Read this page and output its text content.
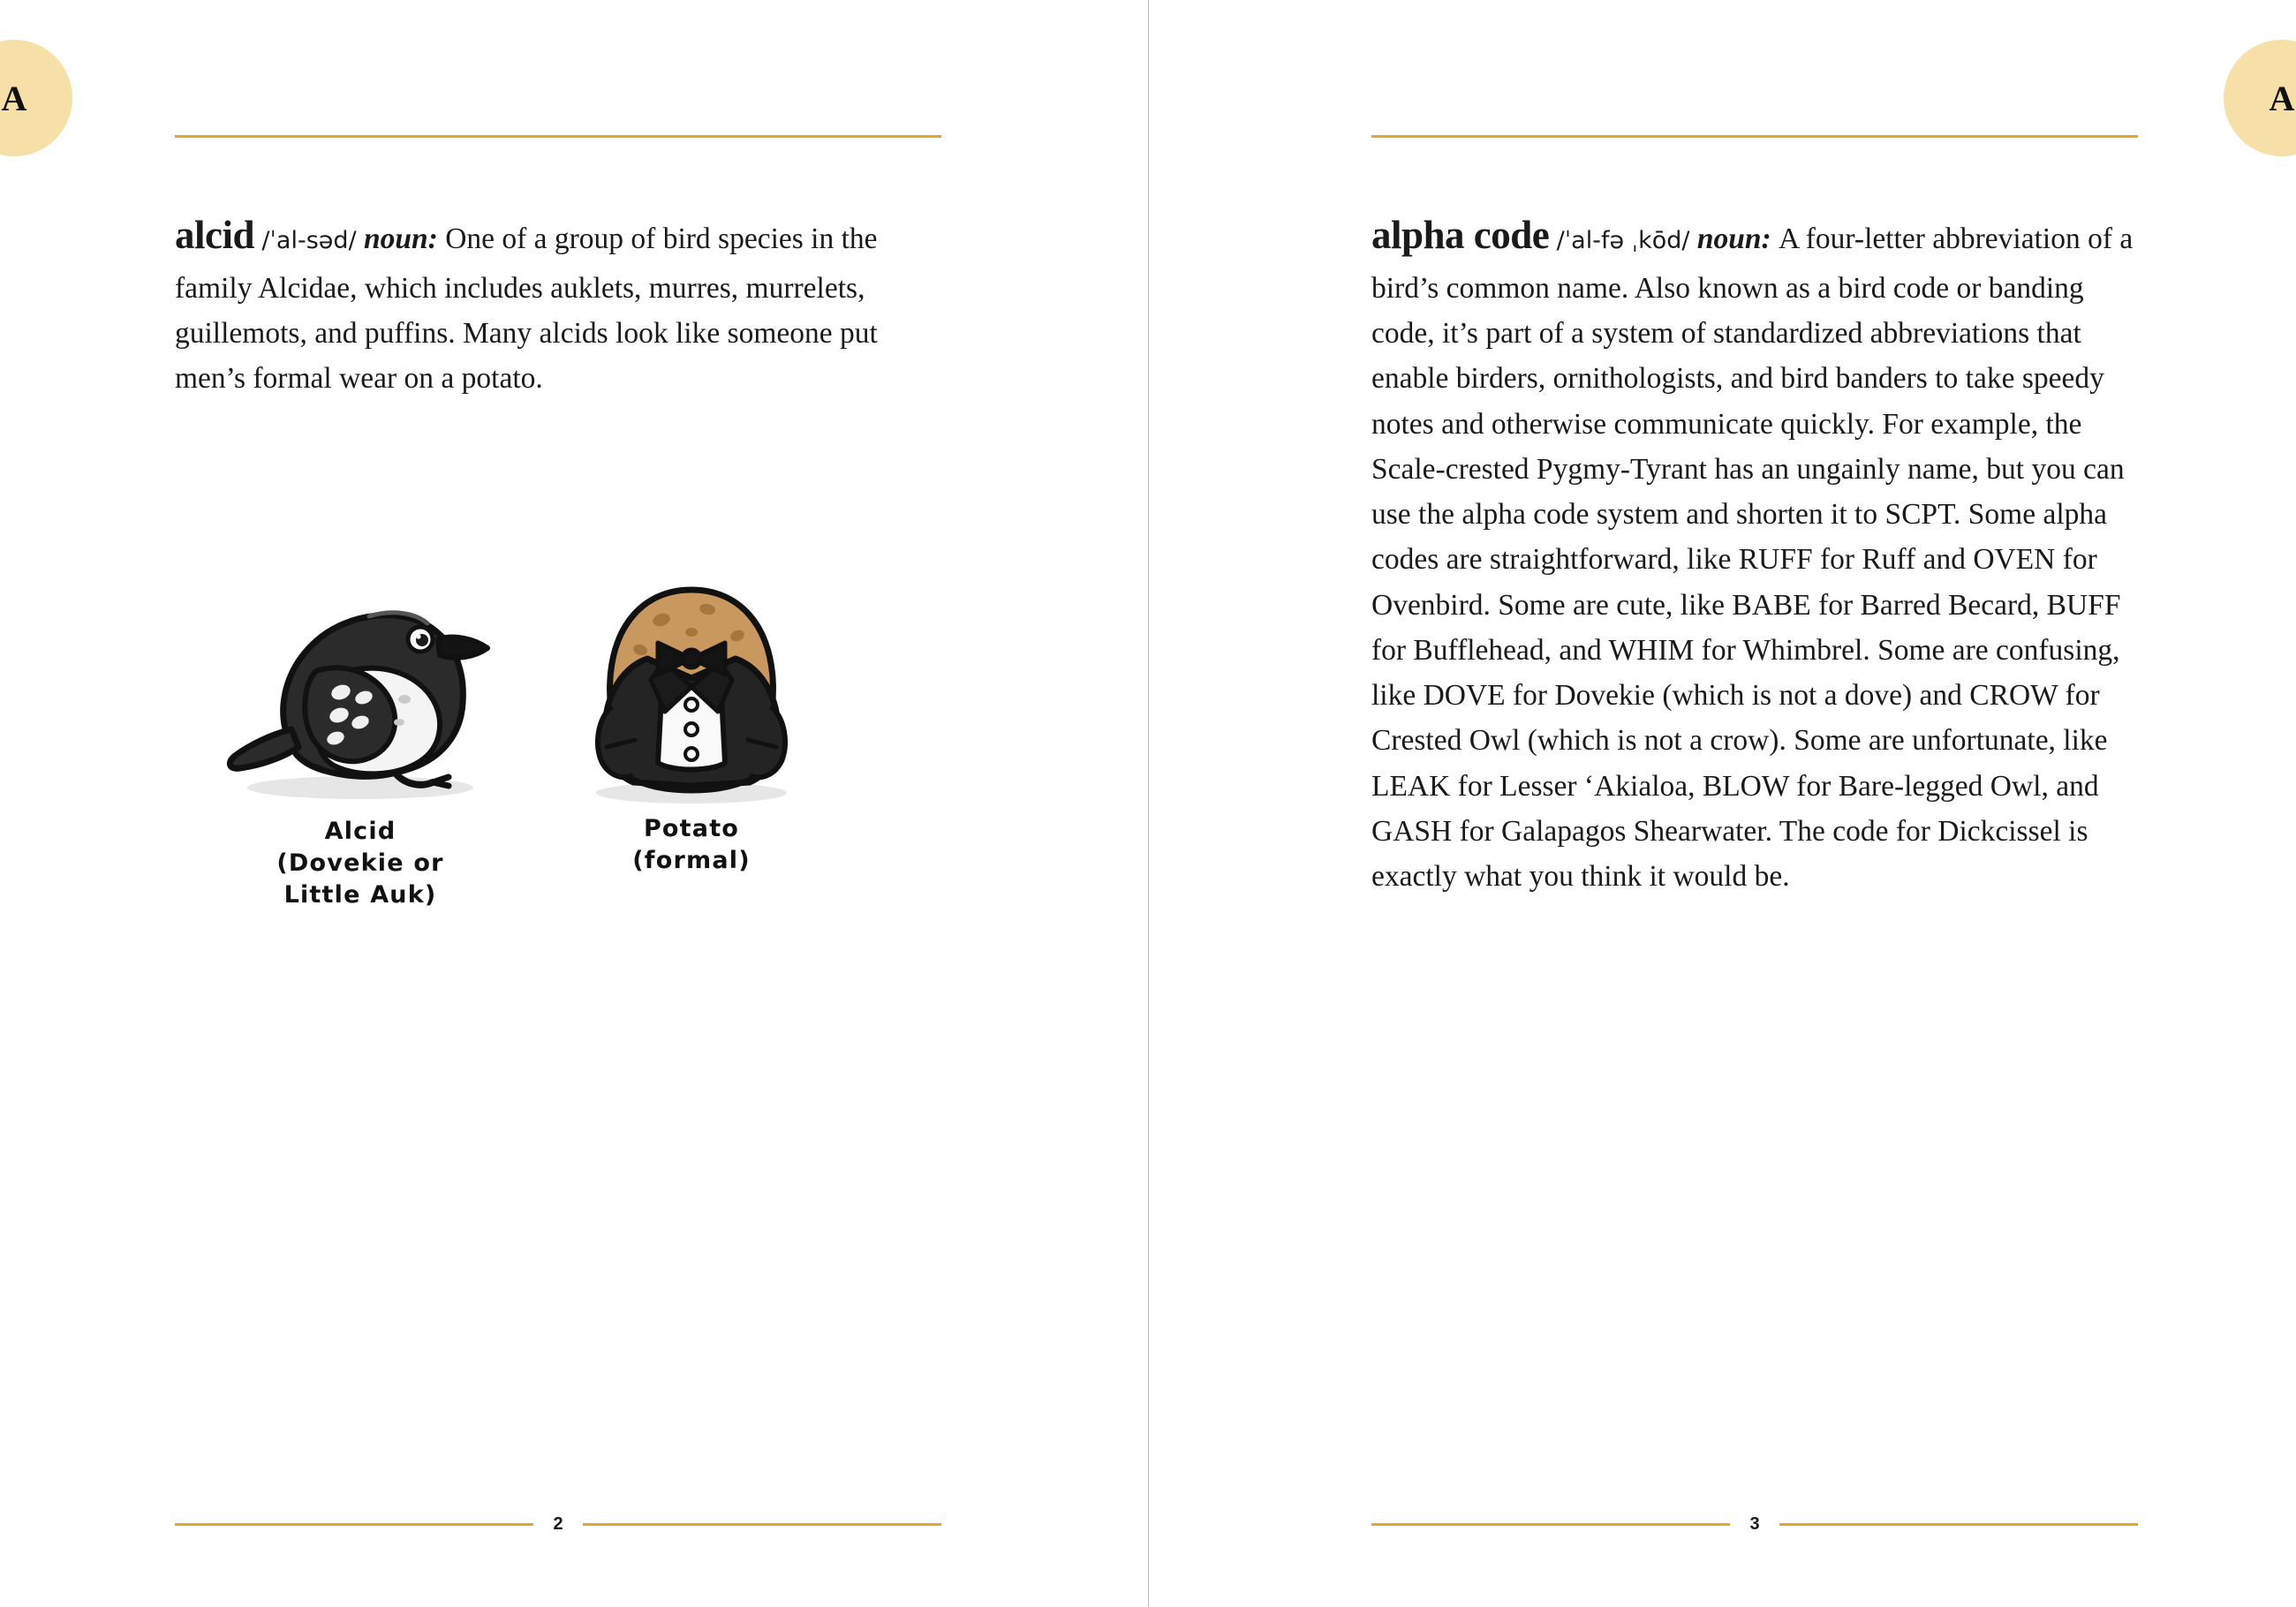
A
alcid /ˈal-səd/ noun: One of a group of bird species in the family Alcidae, which includes auklets, murres, murrelets, guillemots, and puffins. Many alcids look like someone put men’s formal wear on a potato.
Alcid
(Dovekie or
Little Auk)
Potato
(formal)
2
A
alpha code /ˈal-fə ˌkōd/ noun: A four-letter abbreviation of a bird’s common name. Also known as a bird code or banding code, it’s part of a system of standardized abbreviations that enable birders, ornithologists, and bird banders to take speedy notes and otherwise communicate quickly. For example, the Scale-crested Pygmy-Tyrant has an ungainly name, but you can use the alpha code system and shorten it to SCPT. Some alpha codes are straightforward, like RUFF for Ruff and OVEN for Ovenbird. Some are cute, like BABE for Barred Becard, BUFF for Bufflehead, and WHIM for Whimbrel. Some are confusing, like DOVE for Dovekie (which is not a dove) and CROW for Crested Owl (which is not a crow). Some are unfortunate, like LEAK for Lesser ‘Akialoa, BLOW for Bare-legged Owl, and GASH for Galapagos Shearwater. The code for Dickcissel is exactly what you think it would be.
3
